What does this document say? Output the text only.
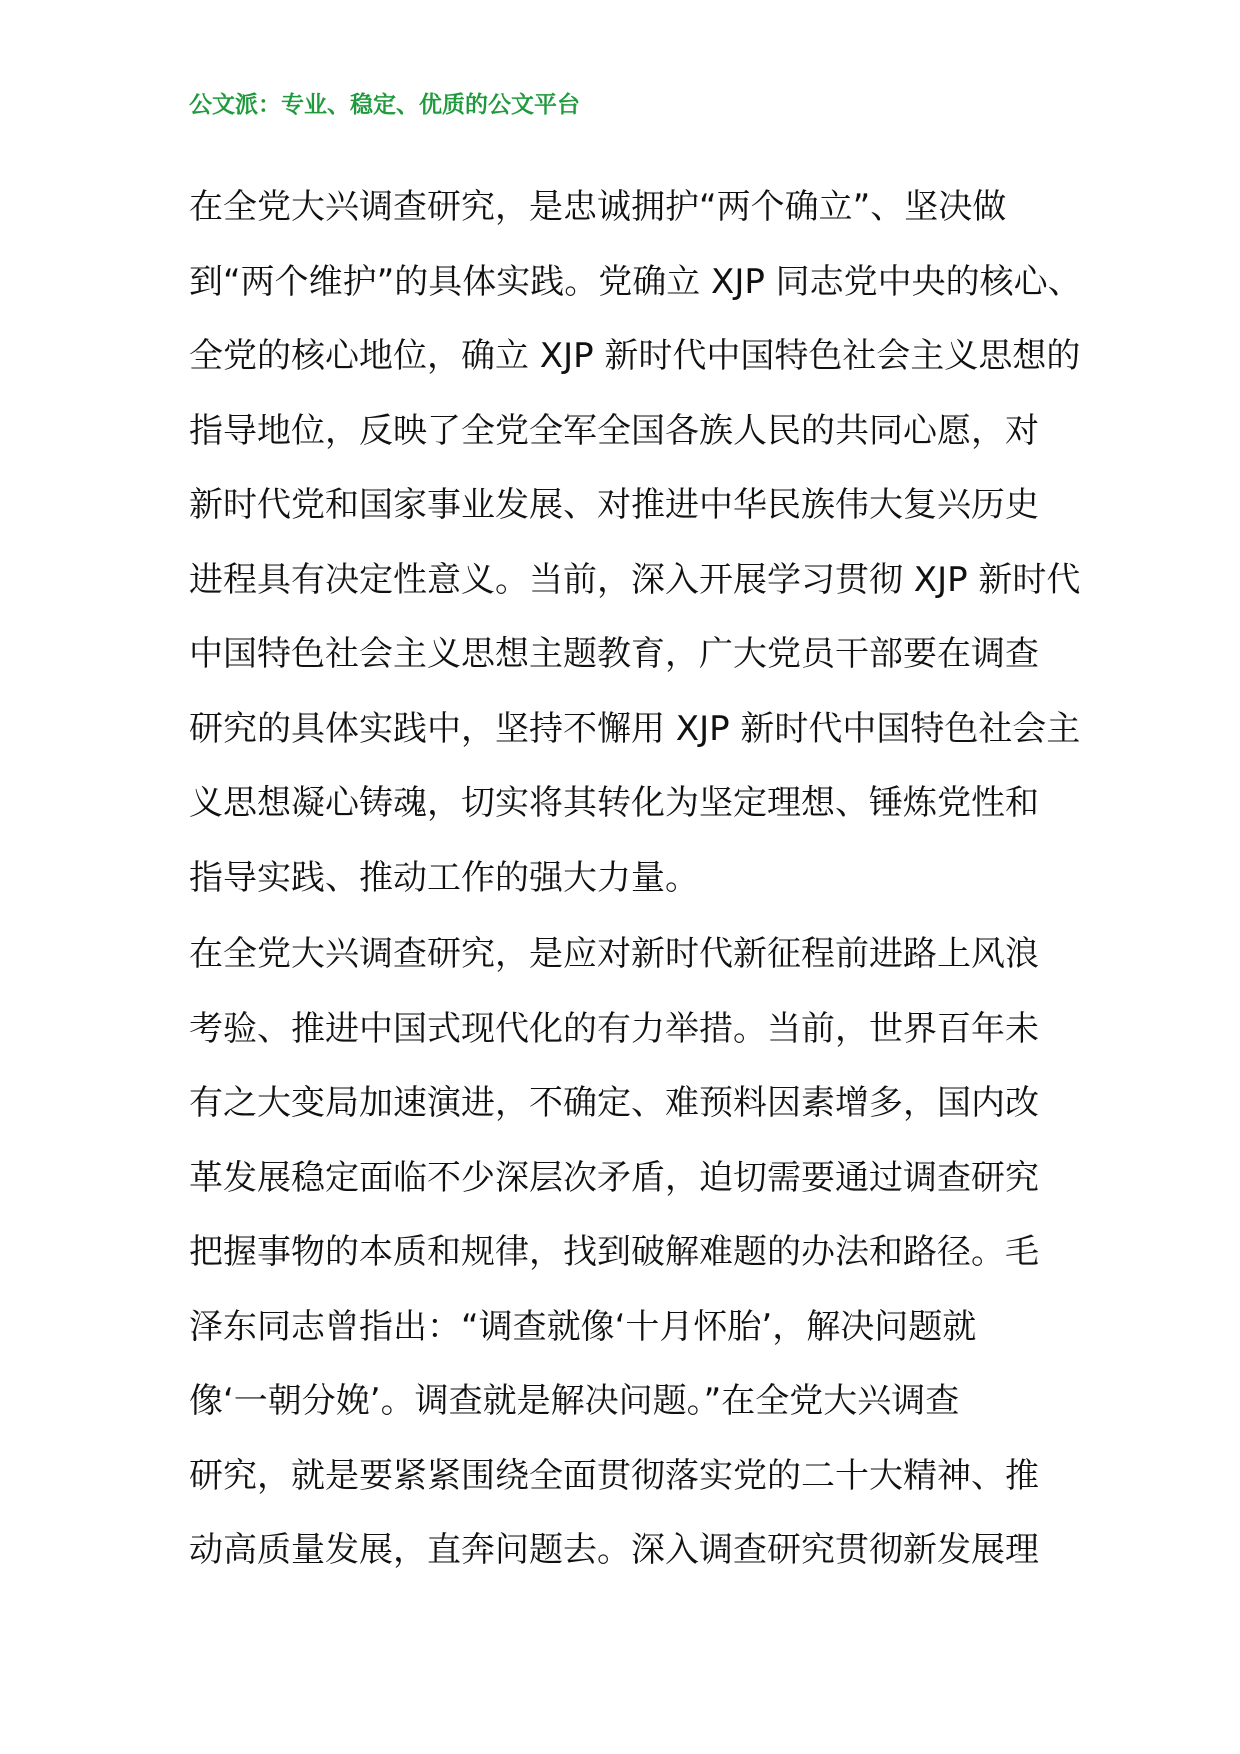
公文派：专业、稳定、优质的公文平台
在全党大兴调查研究，是忠诚拥护“两个确立”、坚决做
到“两个维护”的具体实践。党确立 XJP 同志党中央的核心、
全党的核心地位，确立 XJP 新时代中国特色社会主义思想的
指导地位，反映了全党全军全国各族人民的共同心愿，对
新时代党和国家事业发展、对推进中华民族伟大复兴历史
进程具有决定性意义。当前，深入开展学习贯彻 XJP 新时代
中国特色社会主义思想主题教育，广大党员干部要在调查
研究的具体实践中，坚持不懈用 XJP 新时代中国特色社会主
义思想凝心铸魂，切实将其转化为坚定理想、锤炼党性和
指导实践、推动工作的强大力量。
在全党大兴调查研究，是应对新时代新征程前进路上风浪
考验、推进中国式现代化的有力举措。当前，世界百年未
有之大变局加速演进，不确定、难预料因素增多，国内改
革发展稳定面临不少深层次矛盾，迫切需要通过调查研究
把握事物的本质和规律，找到破解难题的办法和路径。毛
泽东同志曾指出：“调查就像‘十月怀胎’，解决问题就
像‘一朝分娩’。调查就是解决问题。”在全党大兴调查
研究，就是要紧紧围绕全面贯彻落实党的二十大精神、推
动高质量发展，直奔问题去。深入调查研究贯彻新发展理
